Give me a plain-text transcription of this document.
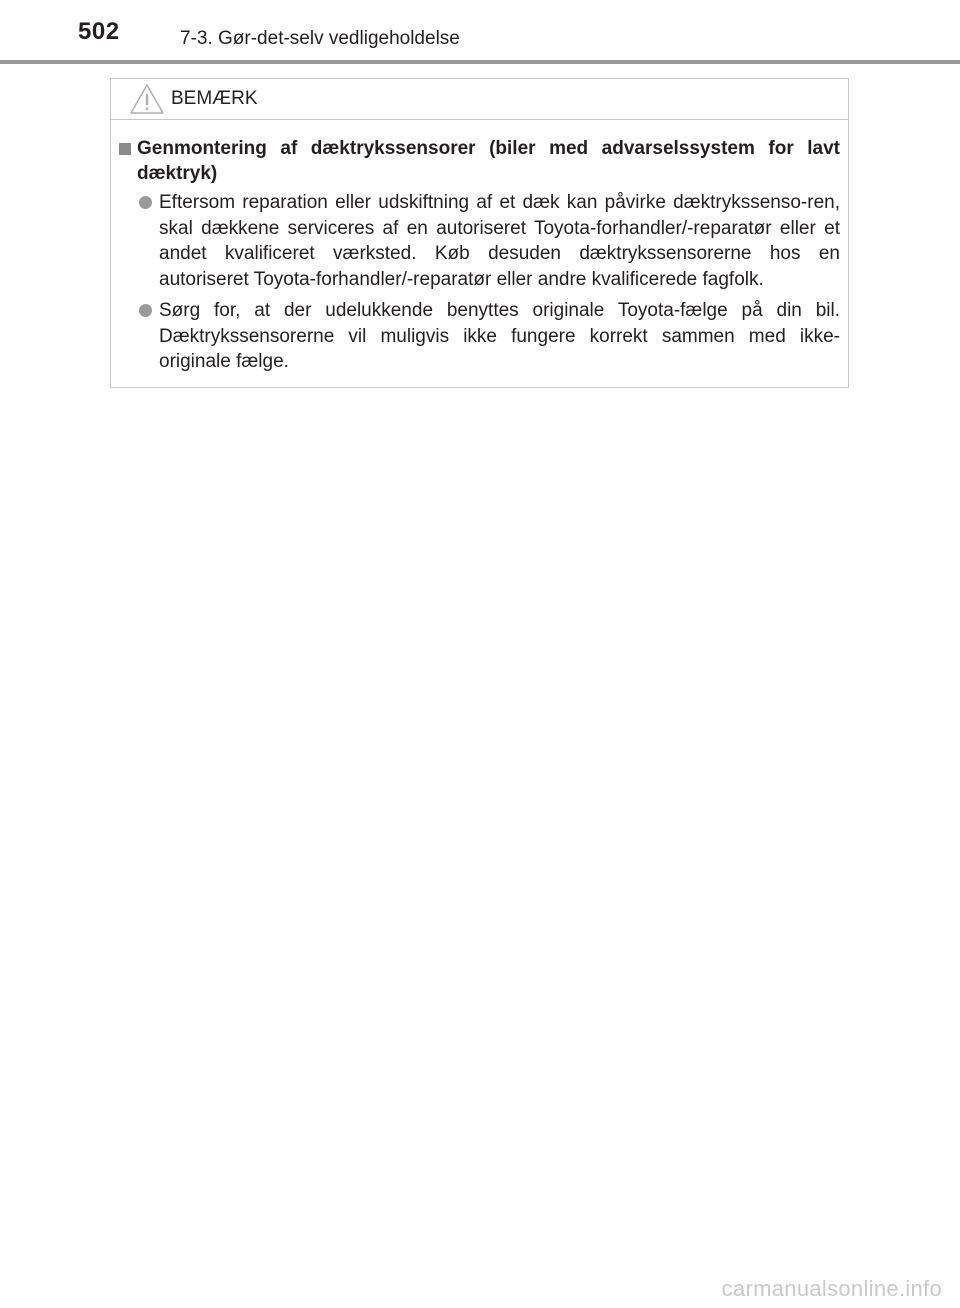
502	7-3. Gør-det-selv vedligeholdelse
BEMÆRK
Genmontering af dæktrykssensorer (biler med advarselssystem for lavt dæktryk)
Eftersom reparation eller udskiftning af et dæk kan påvirke dæktrykssenso-ren, skal dækkene serviceres af en autoriseret Toyota-forhandler/-reparatør eller et andet kvalificeret værksted. Køb desuden dæktrykssensorerne hos en autoriseret Toyota-forhandler/-reparatør eller andre kvalificerede fagfolk.
Sørg for, at der udelukkende benyttes originale Toyota-fælge på din bil. Dæktrykssensorerne vil muligvis ikke fungere korrekt sammen med ikke-originale fælge.
carmanualsonline.info
